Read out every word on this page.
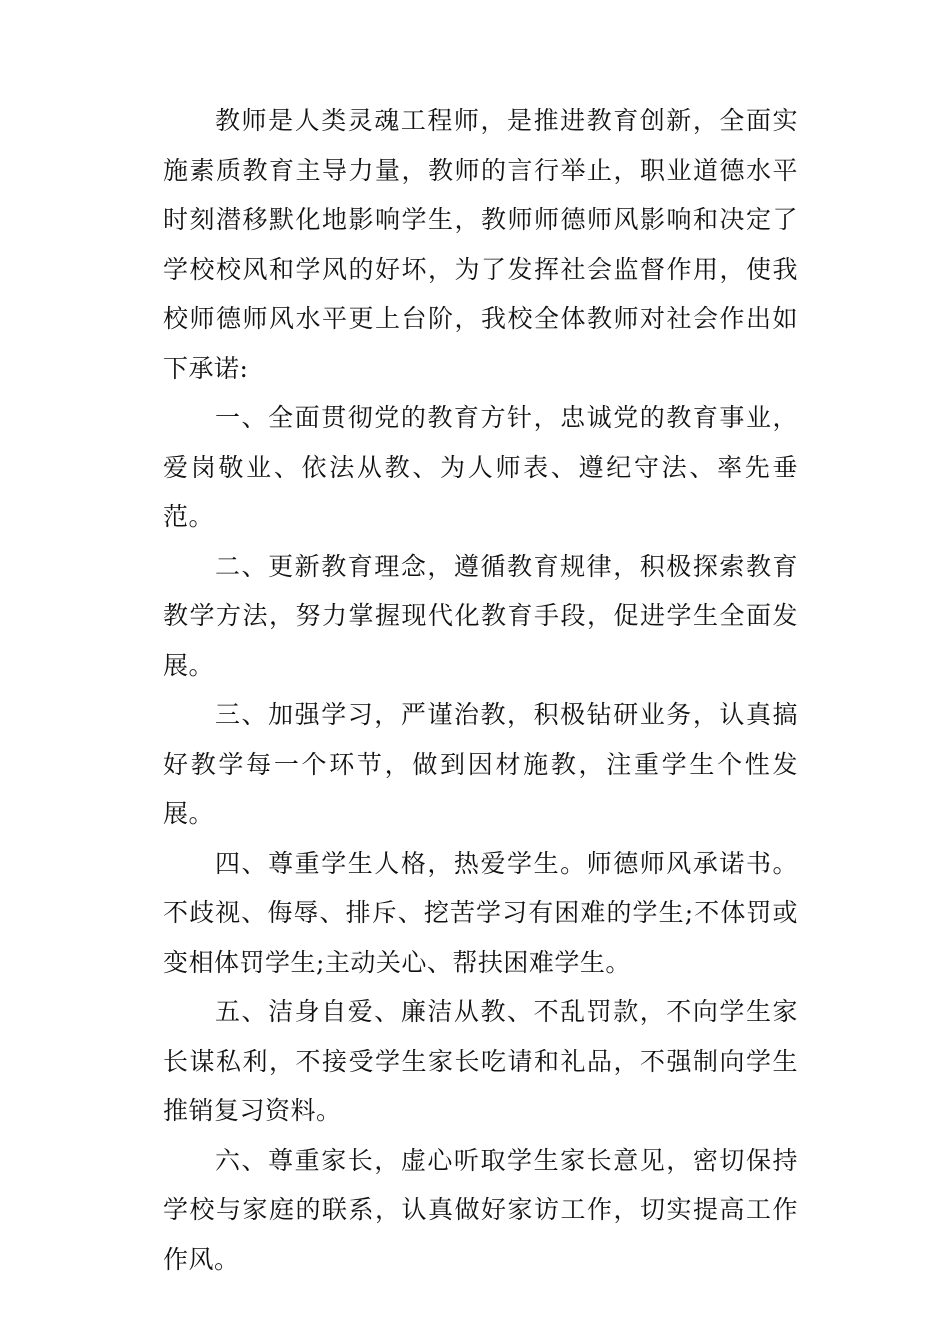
教师是人类灵魂工程师，是推进教育创新，全面实施素质教育主导力量，教师的言行举止，职业道德水平时刻潜移默化地影响学生，教师师德师风影响和决定了学校校风和学风的好坏，为了发挥社会监督作用，使我校师德师风水平更上台阶，我校全体教师对社会作出如下承诺:

一、全面贯彻党的教育方针，忠诚党的教育事业，爱岗敬业、依法从教、为人师表、遵纪守法、率先垂范。

二、更新教育理念，遵循教育规律，积极探索教育教学方法，努力掌握现代化教育手段，促进学生全面发展。

三、加强学习，严谨治教，积极钻研业务，认真搞好教学每一个环节，做到因材施教，注重学生个性发展。

四、尊重学生人格，热爱学生。师德师风承诺书。不歧视、侮辱、排斥、挖苦学习有困难的学生;不体罚或变相体罚学生;主动关心、帮扶困难学生。

五、洁身自爱、廉洁从教、不乱罚款，不向学生家长谋私利，不接受学生家长吃请和礼品，不强制向学生推销复习资料。

六、尊重家长，虚心听取学生家长意见，密切保持学校与家庭的联系，认真做好家访工作，切实提高工作作风。
